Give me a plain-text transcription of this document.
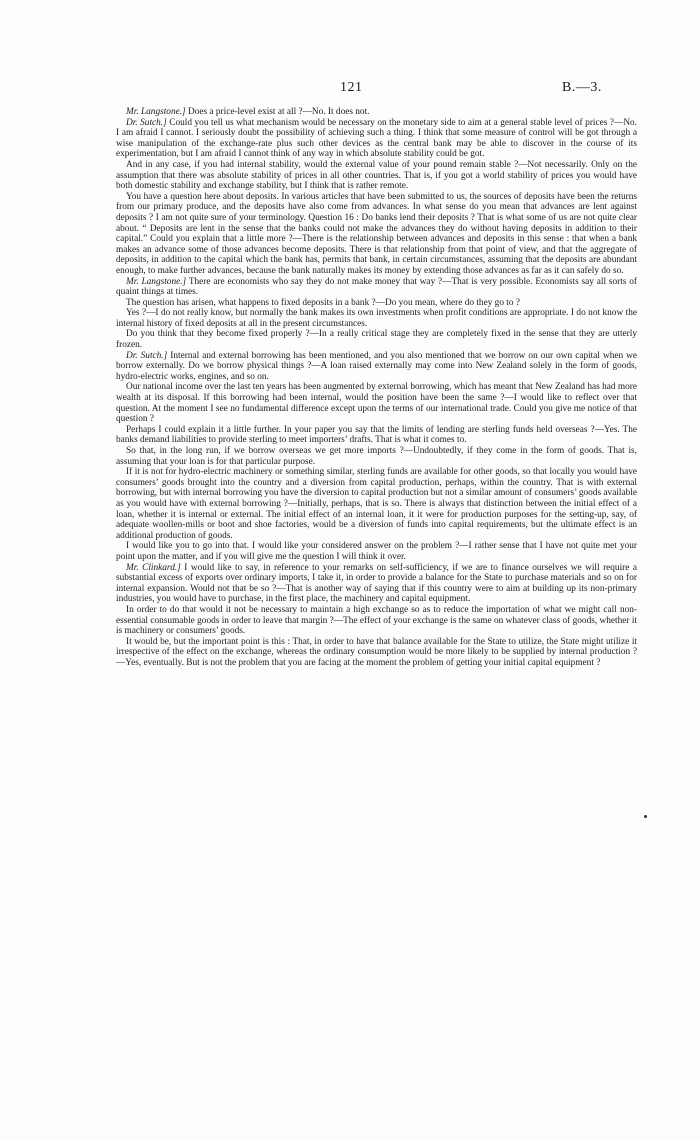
121	B.—3.

Mr. Langstone.] Does a price-level exist at all ?—No. It does not.

Dr. Sutch.] Could you tell us what mechanism would be necessary on the monetary side to aim at a general stable level of prices ?—No. I am afraid I cannot. I seriously doubt the possibility of achieving such a thing. I think that some measure of control will be got through a wise manipulation of the exchange-rate plus such other devices as the central bank may be able to discover in the course of its experimentation, but I am afraid I cannot think of any way in which absolute stability could be got.

And in any case, if you had internal stability, would the external value of your pound remain stable ?—Not necessarily. Only on the assumption that there was absolute stability of prices in all other countries. That is, if you got a world stability of prices you would have both domestic stability and exchange stability, but I think that is rather remote.

You have a question here about deposits. In various articles that have been submitted to us, the sources of deposits have been the returns from our primary produce, and the deposits have also come from advances. In what sense do you mean that advances are lent against deposits ? I am not quite sure of your terminology. Question 16 : Do banks lend their deposits ? That is what some of us are not quite clear about. “ Deposits are lent in the sense that the banks could not make the advances they do without having deposits in addition to their capital.” Could you explain that a little more ?—There is the relationship between advances and deposits in this sense : that when a bank makes an advance some of those advances become deposits. There is that relationship from that point of view, and that the aggregate of deposits, in addition to the capital which the bank has, permits that bank, in certain circumstances, assuming that the deposits are abundant enough, to make further advances, because the bank naturally makes its money by extending those advances as far as it can safely do so.

Mr. Langstone.] There are economists who say they do not make money that way ?—That is very possible. Economists say all sorts of quaint things at times.

The question has arisen, what happens to fixed deposits in a bank ?—Do you mean, where do they go to ?

Yes ?—I do not really know, but normally the bank makes its own investments when profit conditions are appropriate. I do not know the internal history of fixed deposits at all in the present circumstances.

Do you think that they become fixed properly ?—In a really critical stage they are completely fixed in the sense that they are utterly frozen.

Dr. Sutch.] Internal and external borrowing has been mentioned, and you also mentioned that we borrow on our own capital when we borrow externally. Do we borrow physical things ?—A loan raised externally may come into New Zealand solely in the form of goods, hydro-electric works, engines, and so on.

Our national income over the last ten years has been augmented by external borrowing, which has meant that New Zealand has had more wealth at its disposal. If this borrowing had been internal, would the position have been the same ?—I would like to reflect over that question. At the moment I see no fundamental difference except upon the terms of our international trade. Could you give me notice of that question ?

Perhaps I could explain it a little further. In your paper you say that the limits of lending are sterling funds held overseas ?—Yes. The banks demand liabilities to provide sterling to meet importers’ drafts. That is what it comes to.

So that, in the long run, if we borrow overseas we get more imports ?—Undoubtedly, if they come in the form of goods. That is, assuming that your loan is for that particular purpose.

If it is not for hydro-electric machinery or something similar, sterling funds are available for other goods, so that locally you would have consumers’ goods brought into the country and a diversion from capital production, perhaps, within the country. That is with external borrowing, but with internal borrowing you have the diversion to capital production but not a similar amount of consumers’ goods available as you would have with external borrowing ?—Initially, perhaps, that is so. There is always that distinction between the initial effect of a loan, whether it is internal or external. The initial effect of an internal loan, it it were for production purposes for the setting-up, say, of adequate woollen-mills or boot and shoe factories, would be a diversion of funds into capital requirements, but the ultimate effect is an additional production of goods.

I would like you to go into that. I would like your considered answer on the problem ?—I rather sense that I have not quite met your point upon the matter, and if you will give me the question I will think it over.

Mr. Clinkard.] I would like to say, in reference to your remarks on self-sufficiency, if we are to finance ourselves we will require a substantial excess of exports over ordinary imports, I take it, in order to provide a balance for the State to purchase materials and so on for internal expansion. Would not that be so ?—That is another way of saying that if this country were to aim at building up its non-primary industries, you would have to purchase, in the first place, the machinery and capital equipment.

In order to do that would it not be necessary to maintain a high exchange so as to reduce the importation of what we might call non-essential consumable goods in order to leave that margin ?—The effect of your exchange is the same on whatever class of goods, whether it is machinery or consumers’ goods.

It would be, but the important point is this : That, in order to have that balance available for the State to utilize, the State might utilize it irrespective of the effect on the exchange, whereas the ordinary consumption would be more likely to be supplied by internal production ?—Yes, eventually. But is not the problem that you are facing at the moment the problem of getting your initial capital equipment ?
